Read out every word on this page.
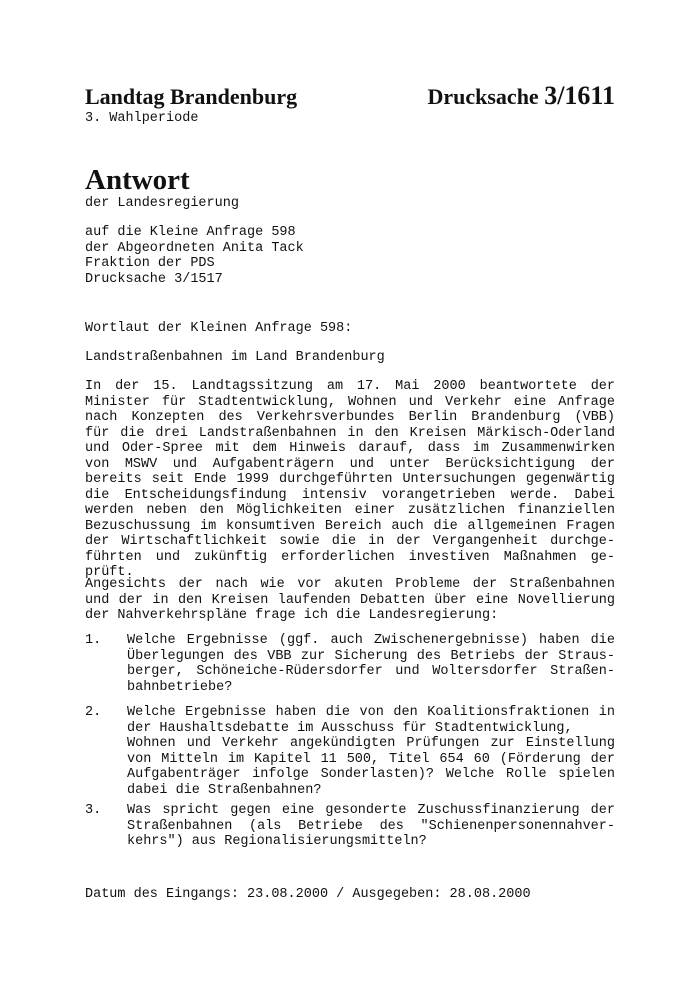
Landtag Brandenburg	Drucksache 3/1611
3. Wahlperiode
Antwort
der Landesregierung
auf die Kleine Anfrage 598
der Abgeordneten Anita Tack
Fraktion der PDS
Drucksache 3/1517
Wortlaut der Kleinen Anfrage 598:
Landstraßenbahnen im Land Brandenburg
In der 15. Landtagssitzung am 17. Mai 2000 beantwortete der
Minister für Stadtentwicklung, Wohnen und Verkehr eine Anfrage
nach Konzepten des Verkehrsverbundes Berlin Brandenburg (VBB)
für die drei Landstraßenbahnen in den Kreisen Märkisch-Oderland
und Oder-Spree mit dem Hinweis darauf, dass im Zusammenwirken
von MSWV und Aufgabenträgern und unter Berücksichtigung der
bereits seit Ende 1999 durchgeführten Untersuchungen gegenwärtig
die Entscheidungsfindung intensiv vorangetrieben werde. Dabei
werden neben den Möglichkeiten einer zusätzlichen finanziellen
Bezuschussung im konsumtiven Bereich auch die allgemeinen Fragen
der Wirtschaftlichkeit sowie die in der Vergangenheit durchge-
führten und zukünftig erforderlichen investiven Maßnahmen ge-
prüft.
Angesichts der nach wie vor akuten Probleme der Straßenbahnen
und der in den Kreisen laufenden Debatten über eine Novellierung
der Nahverkehrspläne frage ich die Landesregierung:
1. Welche Ergebnisse (ggf. auch Zwischenergebnisse) haben die
Überlegungen des VBB zur Sicherung des Betriebs der Straus-
berger, Schöneiche-Rüdersdorfer und Woltersdorfer Straßen-
bahnbetriebe?
2. Welche Ergebnisse haben die von den Koalitionsfraktionen in
der Haushaltsdebatte im Ausschuss für Stadtentwicklung,
Wohnen und Verkehr angekündigten Prüfungen zur Einstellung
von Mitteln im Kapitel 11 500, Titel 654 60 (Förderung der
Aufgabenträger infolge Sonderlasten)? Welche Rolle spielen
dabei die Straßenbahnen?
3. Was spricht gegen eine gesonderte Zuschussfinanzierung der
Straßenbahnen (als Betriebe des "Schienenpersonennahver-
kehrs") aus Regionalisierungsmitteln?
Datum des Eingangs: 23.08.2000 / Ausgegeben: 28.08.2000
